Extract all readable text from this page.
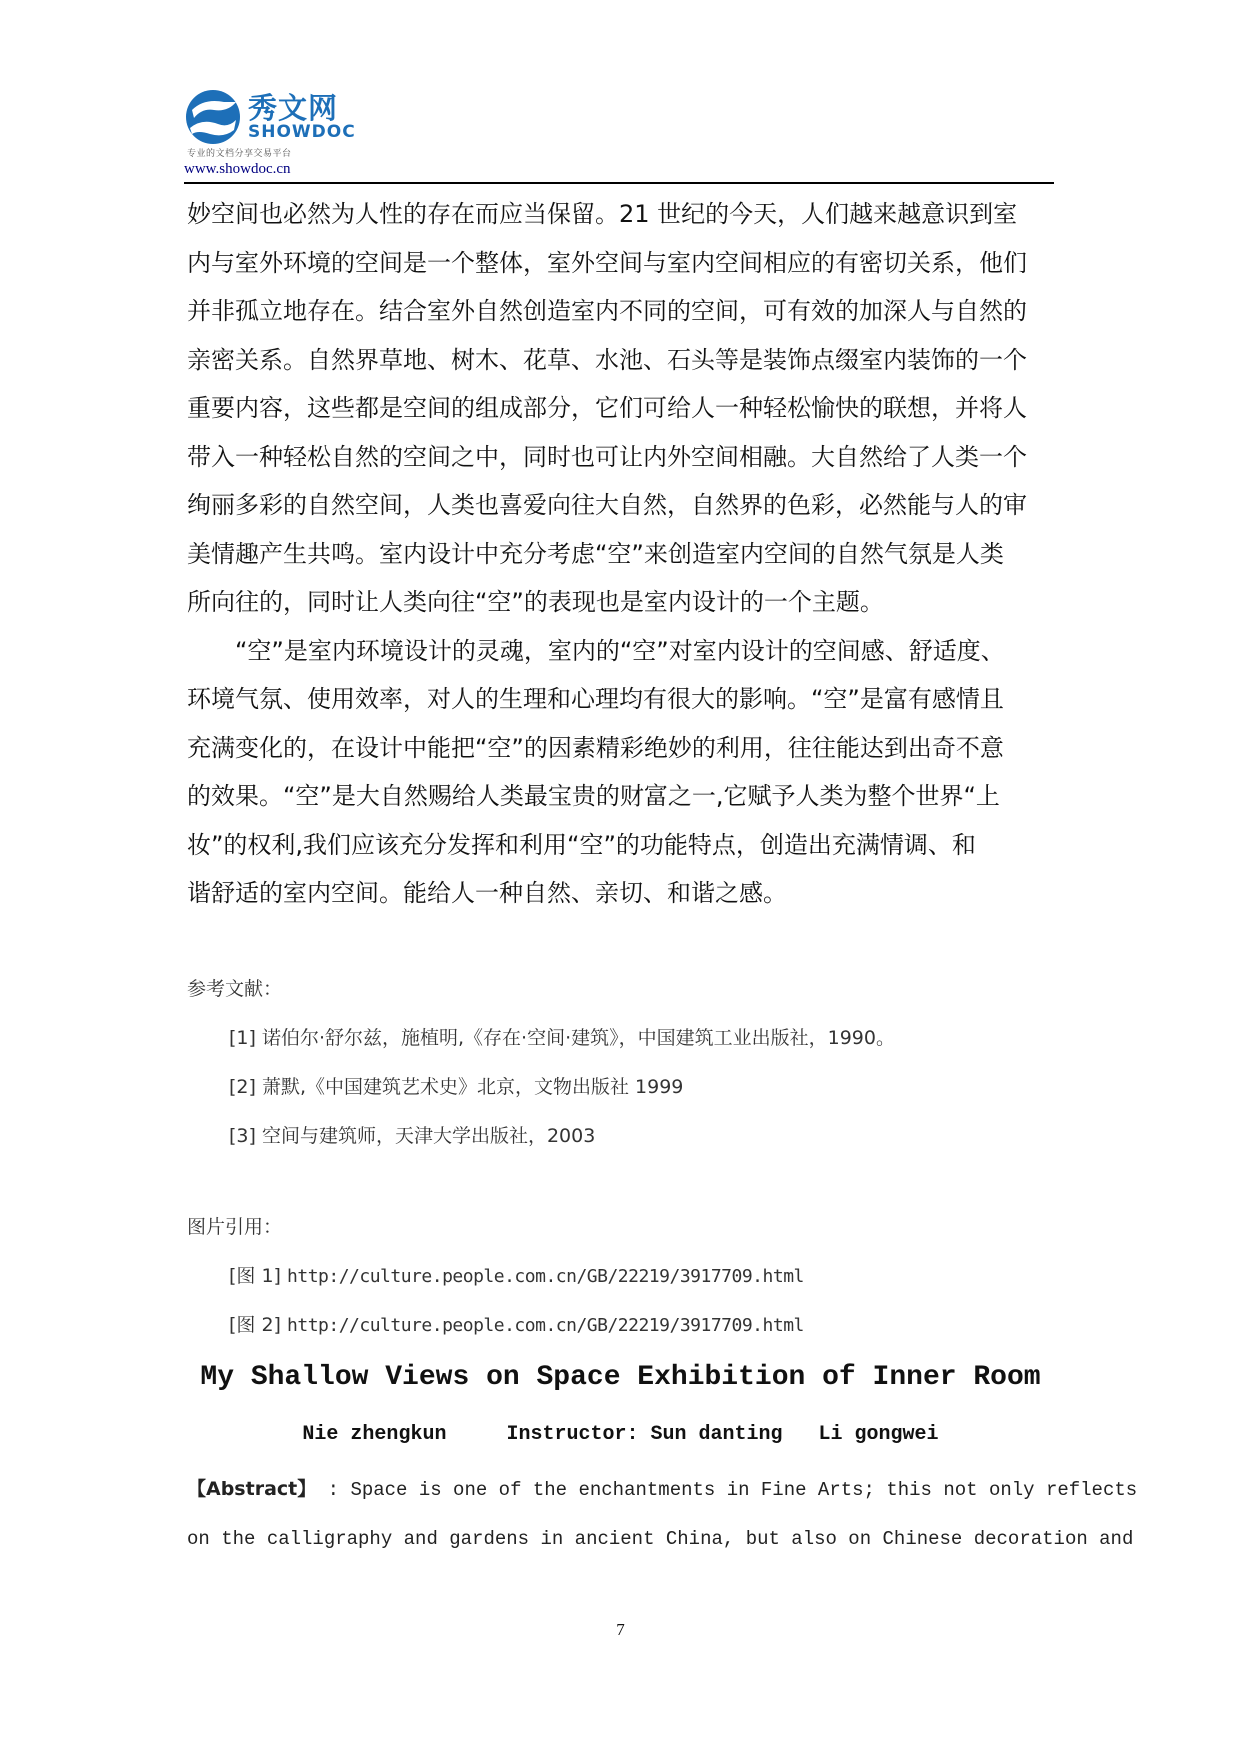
秀文网
SHOWDOC
专业的文档分享交易平台
www.showdoc.cn
妙空间也必然为人性的存在而应当保留。21 世纪的今天，人们越来越意识到室
内与室外环境的空间是一个整体，室外空间与室内空间相应的有密切关系，他们
并非孤立地存在。结合室外自然创造室内不同的空间，可有效的加深人与自然的
亲密关系。自然界草地、树木、花草、水池、石头等是装饰点缀室内装饰的一个
重要内容，这些都是空间的组成部分，它们可给人一种轻松愉快的联想，并将人
带入一种轻松自然的空间之中，同时也可让内外空间相融。大自然给了人类一个
绚丽多彩的自然空间，人类也喜爱向往大自然，自然界的色彩，必然能与人的审
美情趣产生共鸣。室内设计中充分考虑“空”来创造室内空间的自然气氛是人类
所向往的，同时让人类向往“空”的表现也是室内设计的一个主题。
“空”是室内环境设计的灵魂，室内的“空”对室内设计的空间感、舒适度、
环境气氛、使用效率，对人的生理和心理均有很大的影响。“空”是富有感情且
充满变化的，在设计中能把“空”的因素精彩绝妙的利用，往往能达到出奇不意
的效果。“空”是大自然赐给人类最宝贵的财富之一,它赋予人类为整个世界“上
妆”的权利,我们应该充分发挥和利用“空”的功能特点，创造出充满情调、和
谐舒适的室内空间。能给人一种自然、亲切、和谐之感。
参考文献：
[1] 诺伯尔·舒尔兹，施植明,《存在·空间·建筑》，中国建筑工业出版社，1990。
[2] 萧默,《中国建筑艺术史》北京，文物出版社 1999
[3] 空间与建筑师，天津大学出版社，2003
图片引用：
[图 1] http://culture.people.com.cn/GB/22219/3917709.html
[图 2] http://culture.people.com.cn/GB/22219/3917709.html
My Shallow Views on Space Exhibition of Inner Room
Nie zhengkun	Instructor: Sun danting Li gongwei
【Abstract】 : Space is one of the enchantments in Fine Arts; this not only reflects
on the calligraphy and gardens in ancient China, but also on Chinese decoration and
7
